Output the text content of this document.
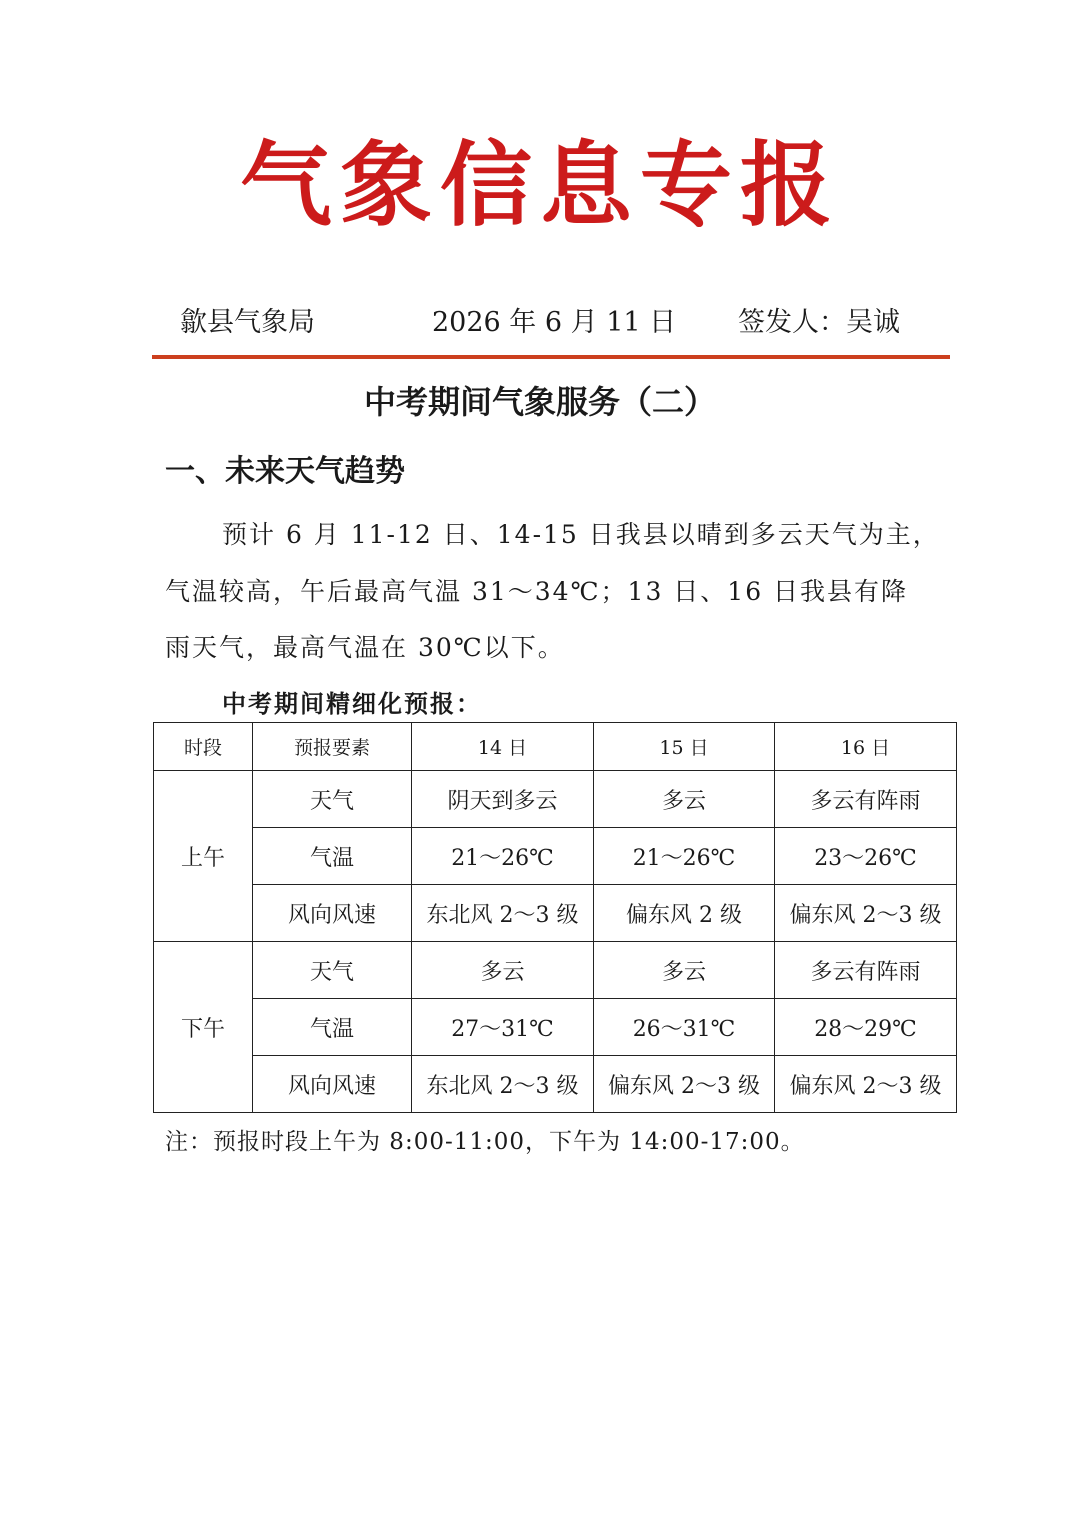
气象信息专报
歙县气象局	2026 年 6 月 11 日 签发人：吴诚
中考期间气象服务（二）
一、未来天气趋势
预计 6 月 11-12 日、14-15 日我县以晴到多云天气为主，
气温较高，午后最高气温 31～34℃；13 日、16 日我县有降
雨天气，最高气温在 30℃以下。
中考期间精细化预报：
时段	预报要素	14 日	15 日	16 日
上午	天气	阴天到多云	多云	多云有阵雨
	气温	21～26℃	21～26℃	23～26℃
	风向风速	东北风 2～3 级	偏东风 2 级	偏东风 2～3 级
下午	天气	多云	多云	多云有阵雨
	气温	27～31℃	26～31℃	28～29℃
	风向风速	东北风 2～3 级	偏东风 2～3 级	偏东风 2～3 级
注：预报时段上午为 8:00-11:00，下午为 14:00-17:00。
